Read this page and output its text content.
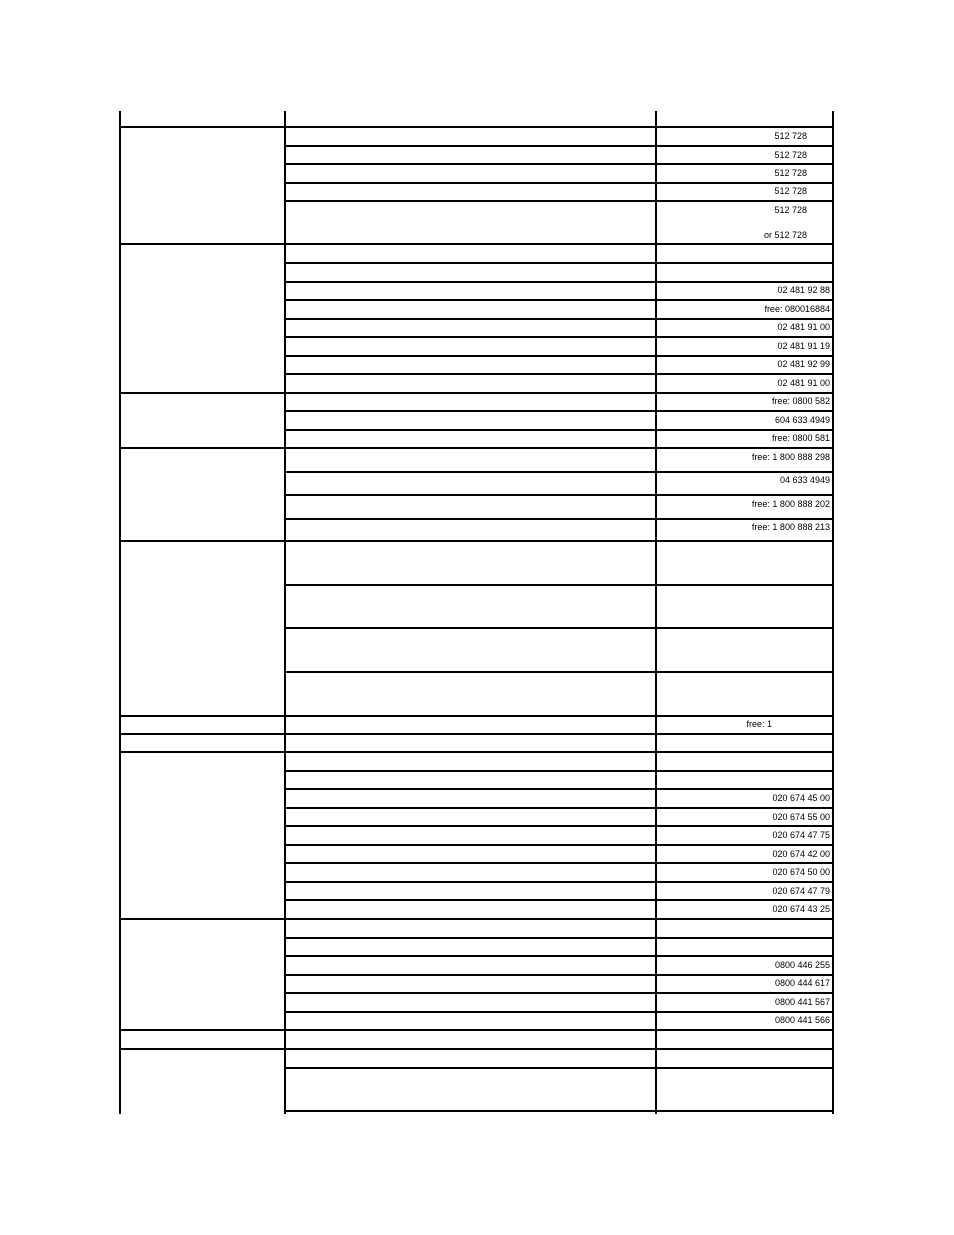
512 728
512 728
512 728
512 728
512 728
or 512 728
02 481 92 88
free: 080016884
02 481 91 00
02 481 91 19
02 481 92 99
02 481 91 00
free: 0800 582
604 633 4949
free: 0800 581
free: 1 800 888 298
04 633 4949
free: 1 800 888 202
free: 1 800 888 213
free: 1
020 674 45 00
020 674 55 00
020 674 47 75
020 674 42 00
020 674 50 00
020 674 47 79
020 674 43 25
0800 446 255
0800 444 617
0800 441 567
0800 441 566
